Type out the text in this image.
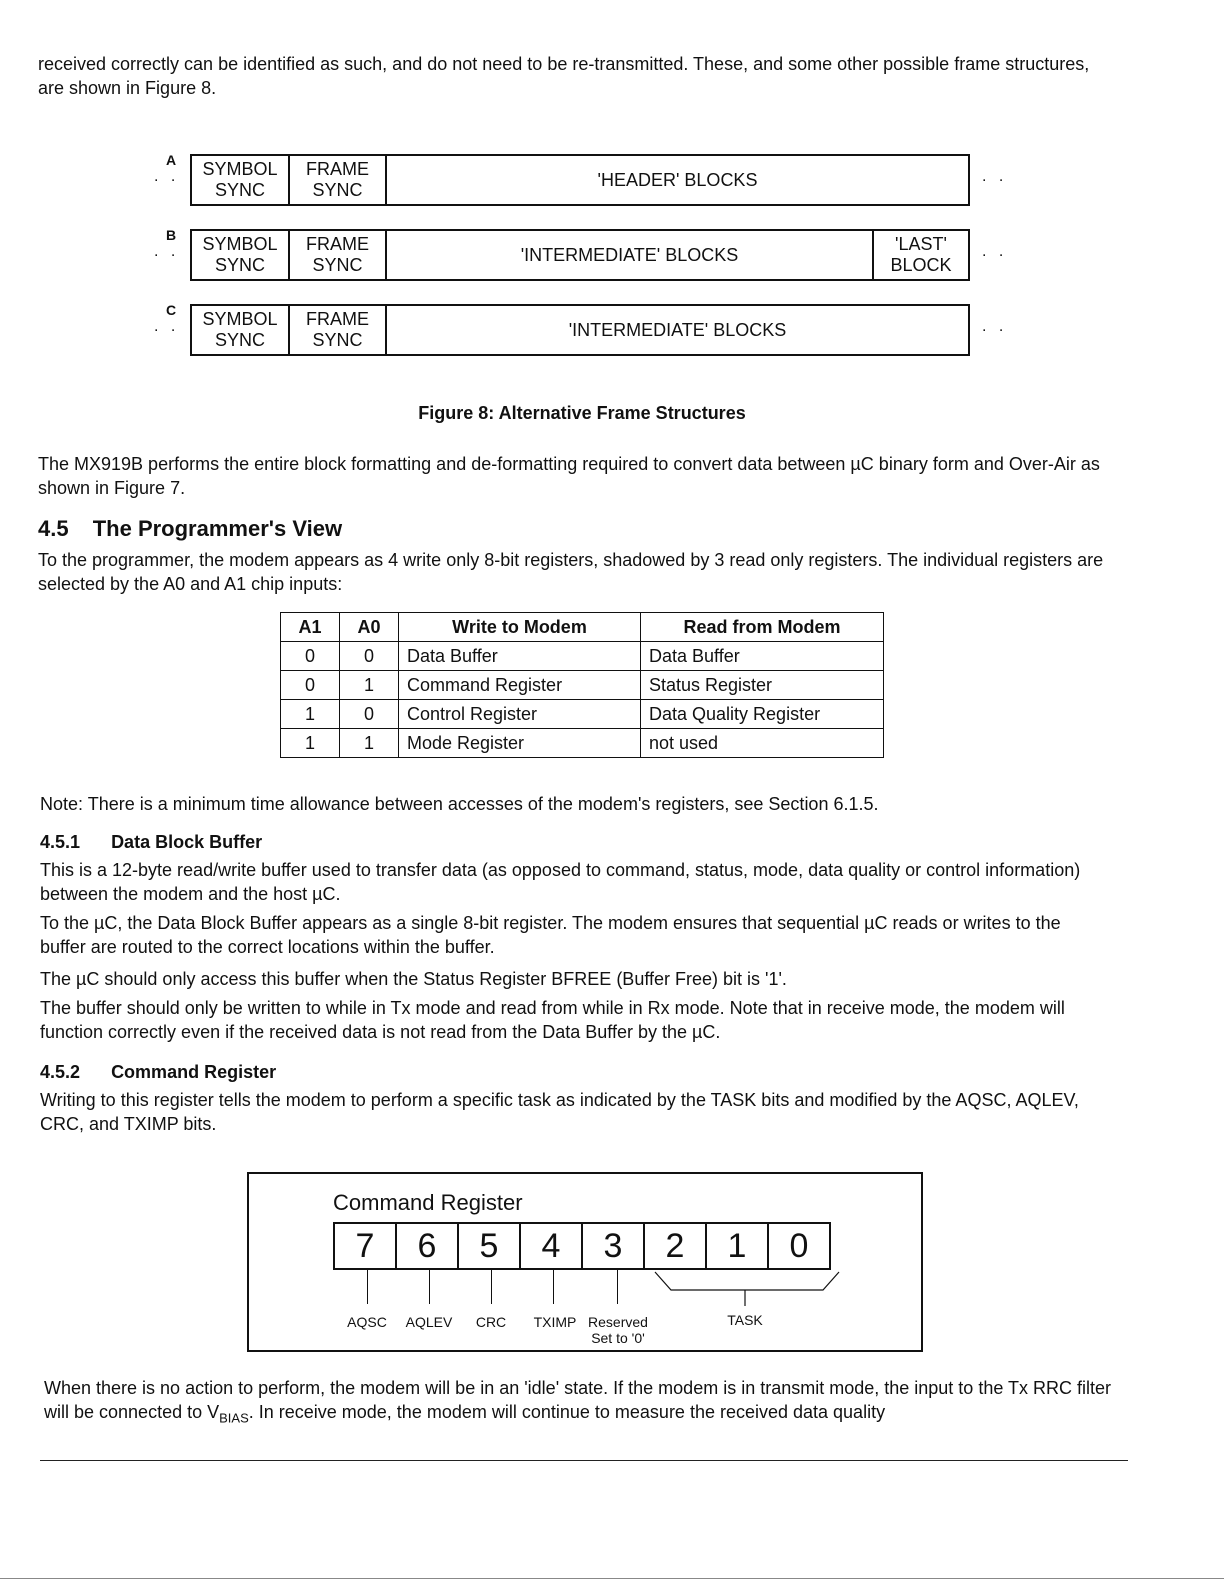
received correctly can be identified as such, and do not need to be re-transmitted. These, and some other possible frame structures, are shown in Figure 8.

A
. .	SYMBOL SYNC
FRAME SYNC
'HEADER' BLOCKS	. .
B
. .	SYMBOL SYNC
FRAME SYNC
'INTERMEDIATE' BLOCKS
'LAST' BLOCK
. .
C
. .	SYMBOL SYNC
FRAME SYNC
'INTERMEDIATE' BLOCKS	. .
Figure 8: Alternative Frame Structures

The MX919B performs the entire block formatting and de-formatting required to convert data between µC binary form and Over-Air as shown in Figure 7.

4.5 The Programmer's View

To the programmer, the modem appears as 4 write only 8-bit registers, shadowed by 3 read only registers. The individual registers are selected by the A0 and A1 chip inputs:

A1	A0	Write to Modem	Read from Modem
0	0	Data Buffer	Data Buffer
0	1	Command Register	Status Register
1	0	Control Register	Data Quality Register
1	1	Mode Register	not used

Note: There is a minimum time allowance between accesses of the modem's registers, see Section 6.1.5.

4.5.1 Data Block Buffer

This is a 12-byte read/write buffer used to transfer data (as opposed to command, status, mode, data quality or control information) between the modem and the host µC.

To the µC, the Data Block Buffer appears as a single 8-bit register. The modem ensures that sequential µC reads or writes to the buffer are routed to the correct locations within the buffer.

The µC should only access this buffer when the Status Register BFREE (Buffer Free) bit is '1'.

The buffer should only be written to while in Tx mode and read from while in Rx mode. Note that in receive mode, the modem will function correctly even if the received data is not read from the Data Buffer by the µC.

4.5.2 Command Register

Writing to this register tells the modem to perform a specific task as indicated by the TASK bits and modified by the AQSC, AQLEV, CRC, and TXIMP bits.

Command Register
7	6	5	4	3	2	1	0
AQSC	AQLEV	CRC	TXIMP Reserved
Set to '0'
TASK

When there is no action to perform, the modem will be in an 'idle' state. If the modem is in transmit mode, the input to the Tx RRC filter will be connected to $V_{BIAS}$. In receive mode, the modem will continue to measure the received data quality
